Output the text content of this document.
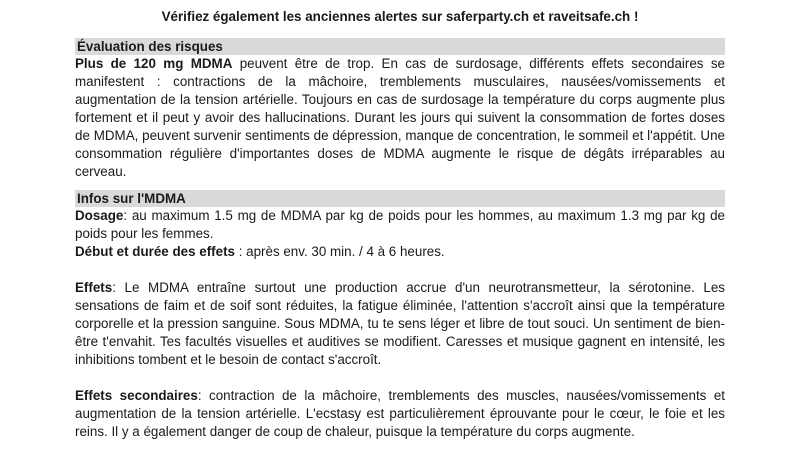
Vérifiez également les anciennes alertes sur saferparty.ch et raveitsafe.ch !
Évaluation des risques

Plus de 120 mg MDMA peuvent être de trop. En cas de surdosage, différents effets secondaires se manifestent : contractions de la mâchoire, tremblements musculaires, nausées/vomissements et augmentation de la tension artérielle. Toujours en cas de surdosage la température du corps augmente plus fortement et il peut y avoir des hallucinations. Durant les jours qui suivent la consommation de fortes doses de MDMA, peuvent survenir sentiments de dépression, manque de concentration, le sommeil et l'appétit. Une consommation régulière d'importantes doses de MDMA augmente le risque de dégâts irréparables au cerveau.

Infos sur l'MDMA

Dosage: au maximum 1.5 mg de MDMA par kg de poids pour les hommes, au maximum 1.3 mg par kg de poids pour les femmes.

Début et durée des effets : après env. 30 min. / 4 à 6 heures.

Effets: Le MDMA entraîne surtout une production accrue d'un neurotransmetteur, la sérotonine. Les sensations de faim et de soif sont réduites, la fatigue éliminée, l'attention s'accroît ainsi que la température corporelle et la pression sanguine. Sous MDMA, tu te sens léger et libre de tout souci. Un sentiment de bien-être t'envahit. Tes facultés visuelles et auditives se modifient. Caresses et musique gagnent en intensité, les inhibitions tombent et le besoin de contact s'accroît.

Effets secondaires: contraction de la mâchoire, tremblements des muscles, nausées/vomissements et augmentation de la tension artérielle. L'ecstasy est particulièrement éprouvante pour le cœur, le foie et les reins. Il y a également danger de coup de chaleur, puisque la température du corps augmente.
